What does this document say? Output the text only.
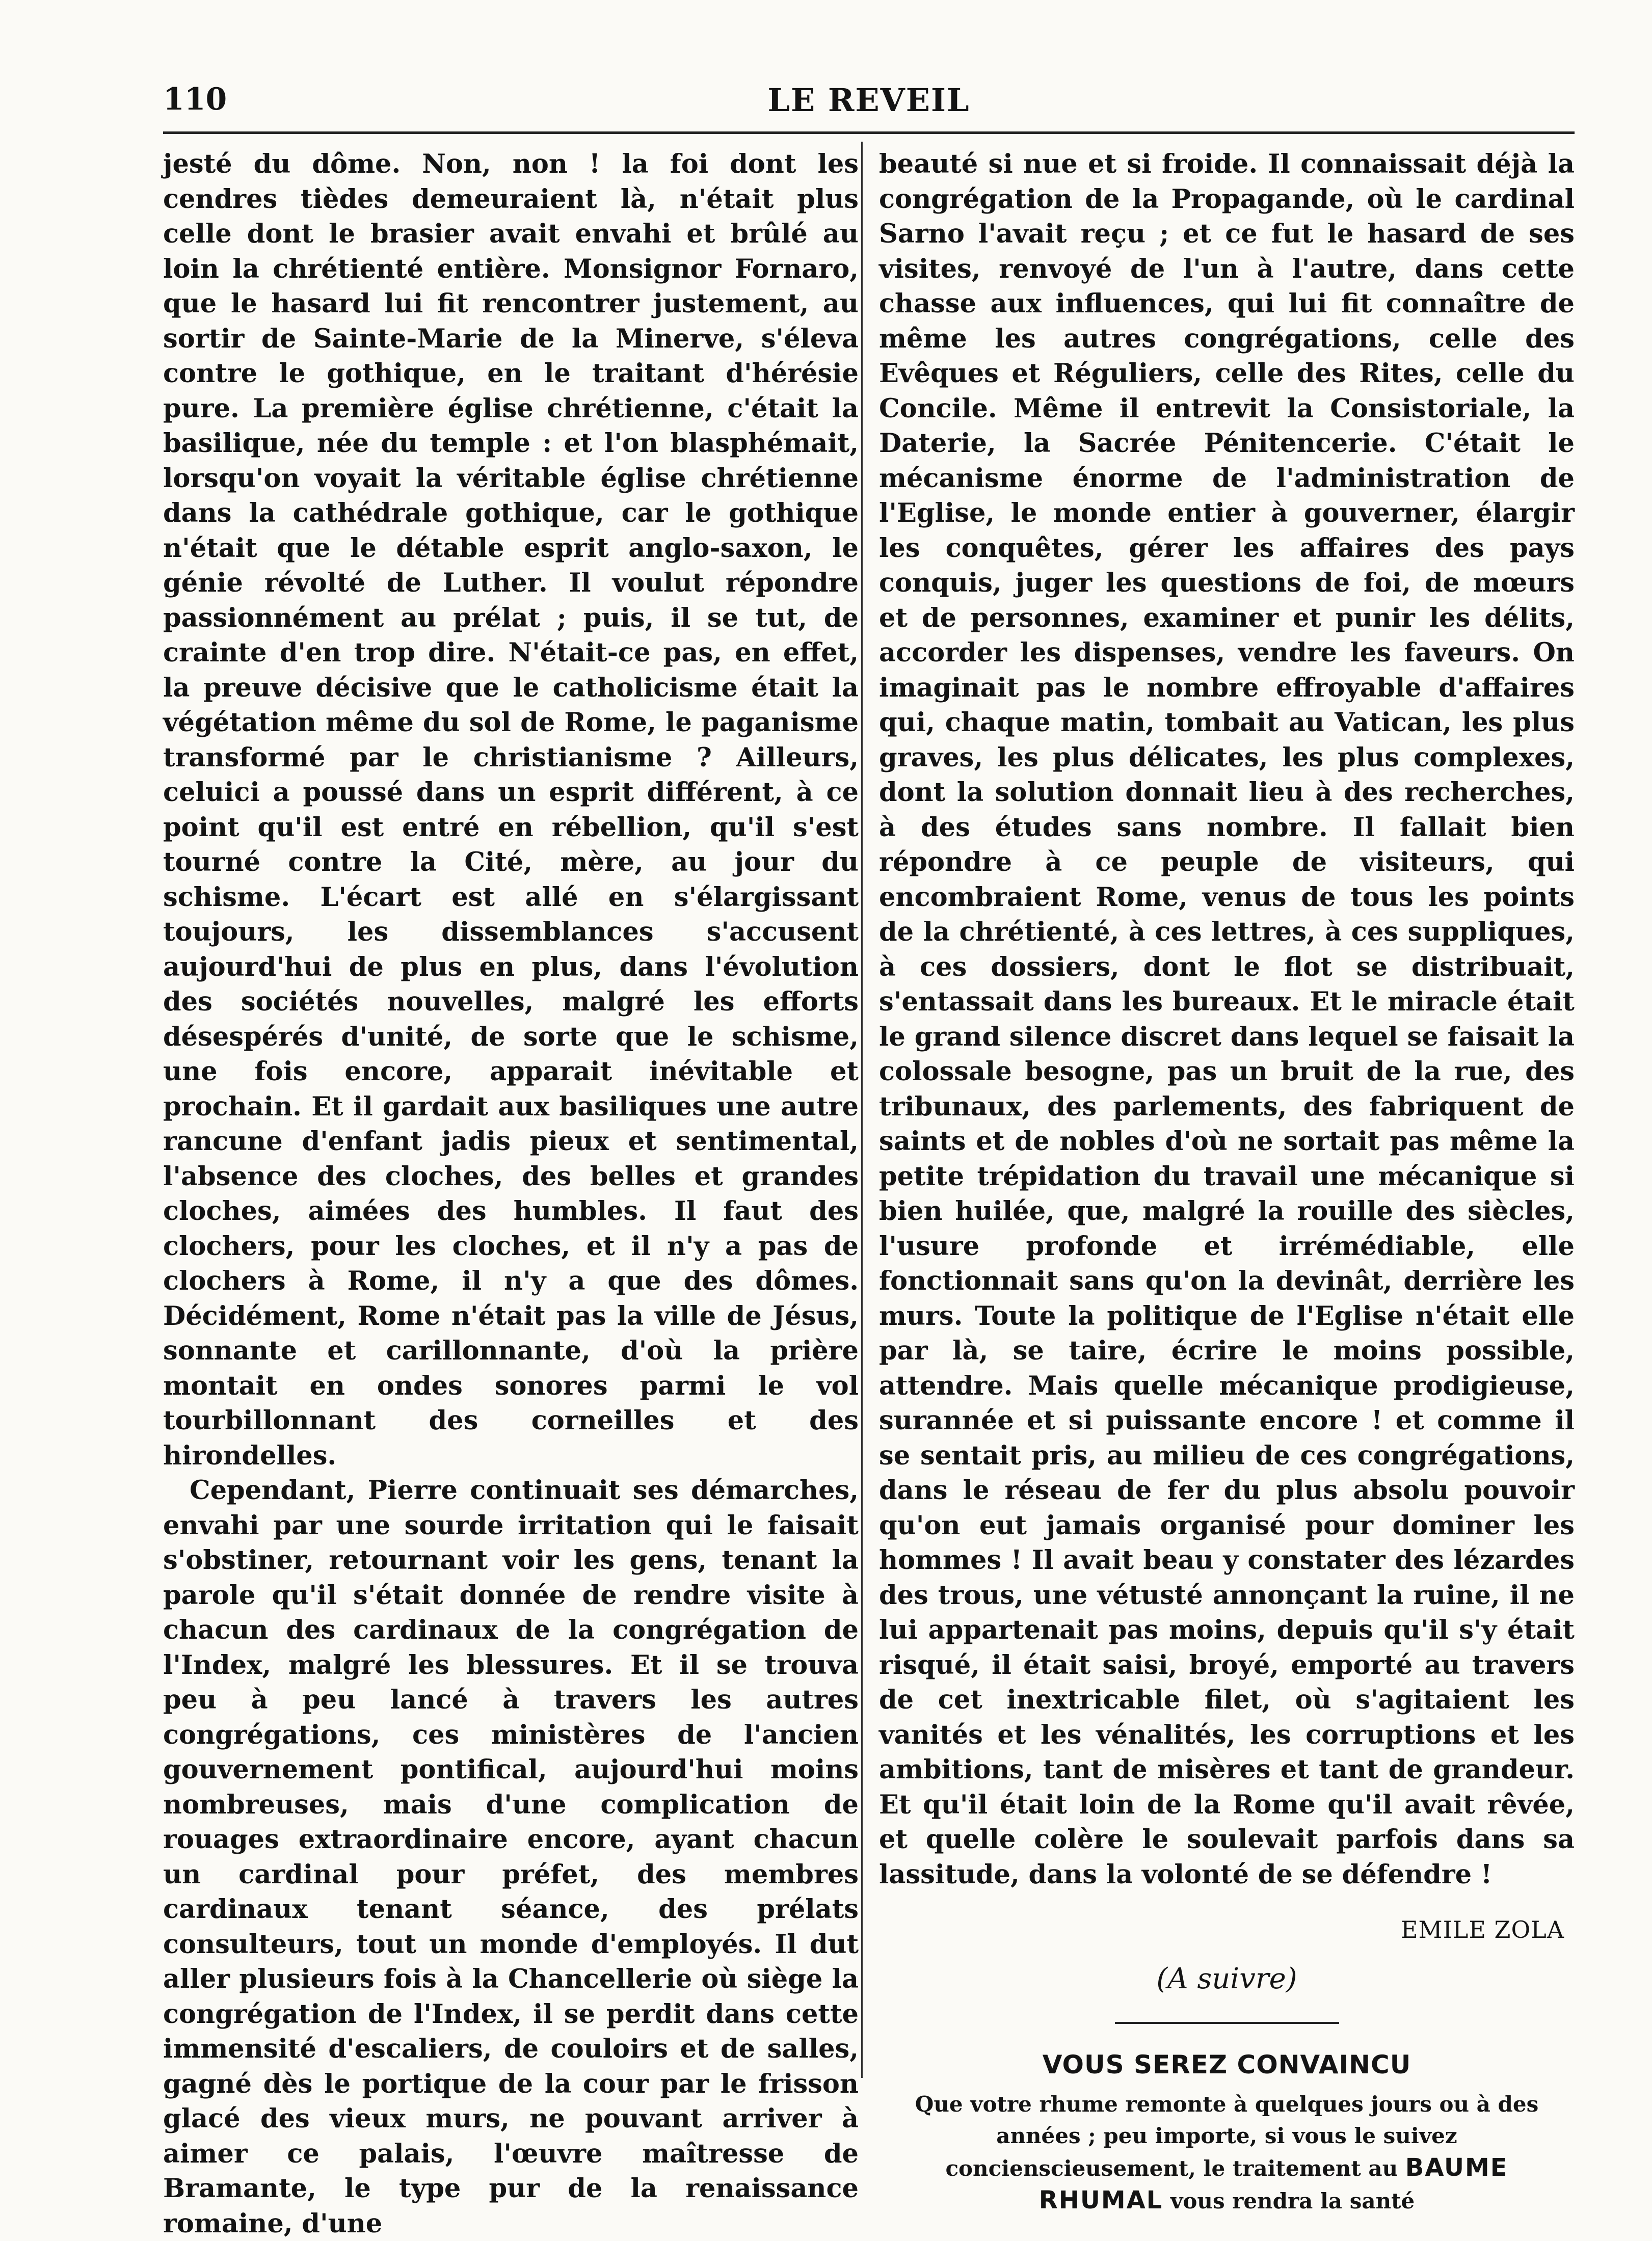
110	LE REVEIL

jesté du dôme. Non, non ! la foi dont les cendres tièdes demeuraient là, n'était plus celle dont le brasier avait envahi et brûlé au loin la chrétienté entière. Monsignor Fornaro, que le hasard lui fit rencontrer justement, au sortir de Sainte-Marie de la Minerve, s'éleva contre le gothique, en le traitant d'hérésie pure. La première église chrétienne, c'était la basilique, née du temple : et l'on blasphémait, lorsqu'on voyait la véritable église chrétienne dans la cathédrale gothique, car le gothique n'était que le détable esprit anglo-saxon, le génie révolté de Luther. Il voulut répondre passionnément au prélat ; puis, il se tut, de crainte d'en trop dire. N'était-ce pas, en effet, la preuve décisive que le catholicisme était la végétation même du sol de Rome, le paganisme transformé par le christianisme ? Ailleurs, celuici a poussé dans un esprit différent, à ce point qu'il est entré en rébellion, qu'il s'est tourné contre la Cité, mère, au jour du schisme. L'écart est allé en s'élargissant toujours, les dissemblances s'accusent aujourd'hui de plus en plus, dans l'évolution des sociétés nouvelles, malgré les efforts désespérés d'unité, de sorte que le schisme, une fois encore, apparait inévitable et prochain. Et il gardait aux basiliques une autre rancune d'enfant jadis pieux et sentimental, l'absence des cloches, des belles et grandes cloches, aimées des humbles. Il faut des clochers, pour les cloches, et il n'y a pas de clochers à Rome, il n'y a que des dômes. Décidément, Rome n'était pas la ville de Jésus, sonnante et carillonnante, d'où la prière montait en ondes sonores parmi le vol tourbillonnant des corneilles et des hirondelles.

Cependant, Pierre continuait ses démarches, envahi par une sourde irritation qui le faisait s'obstiner, retournant voir les gens, tenant la parole qu'il s'était donnée de rendre visite à chacun des cardinaux de la congrégation de l'Index, malgré les blessures. Et il se trouva peu à peu lancé à travers les autres congrégations, ces ministères de l'ancien gouvernement pontifical, aujourd'hui moins nombreuses, mais d'une complication de rouages extraordinaire encore, ayant chacun un cardinal pour préfet, des membres cardinaux tenant séance, des prélats consulteurs, tout un monde d'employés. Il dut aller plusieurs fois à la Chancellerie où siège la congrégation de l'Index, il se perdit dans cette immensité d'escaliers, de couloirs et de salles, gagné dès le portique de la cour par le frisson glacé des vieux murs, ne pouvant arriver à aimer ce palais, l'œuvre maîtresse de Bramante, le type pur de la renaissance romaine, d'une

beauté si nue et si froide. Il connaissait déjà la congrégation de la Propagande, où le cardinal Sarno l'avait reçu ; et ce fut le hasard de ses visites, renvoyé de l'un à l'autre, dans cette chasse aux influences, qui lui fit connaître de même les autres congrégations, celle des Evêques et Réguliers, celle des Rites, celle du Concile. Même il entrevit la Consistoriale, la Daterie, la Sacrée Pénitencerie. C'était le mécanisme énorme de l'administration de l'Eglise, le monde entier à gouverner, élargir les conquêtes, gérer les affaires des pays conquis, juger les questions de foi, de mœurs et de personnes, examiner et punir les délits, accorder les dispenses, vendre les faveurs. On imaginait pas le nombre effroyable d'affaires qui, chaque matin, tombait au Vatican, les plus graves, les plus délicates, les plus complexes, dont la solution donnait lieu à des recherches, à des études sans nombre. Il fallait bien répondre à ce peuple de visiteurs, qui encombraient Rome, venus de tous les points de la chrétienté, à ces lettres, à ces suppliques, à ces dossiers, dont le flot se distribuait, s'entassait dans les bureaux. Et le miracle était le grand silence discret dans lequel se faisait la colossale besogne, pas un bruit de la rue, des tribunaux, des parlements, des fabriquent de saints et de nobles d'où ne sortait pas même la petite trépidation du travail une mécanique si bien huilée, que, malgré la rouille des siècles, l'usure profonde et irrémédiable, elle fonctionnait sans qu'on la devinât, derrière les murs. Toute la politique de l'Eglise n'était elle par là, se taire, écrire le moins possible, attendre. Mais quelle mécanique prodigieuse, surannée et si puissante encore ! et comme il se sentait pris, au milieu de ces congrégations, dans le réseau de fer du plus absolu pouvoir qu'on eut jamais organisé pour dominer les hommes ! Il avait beau y constater des lézardes des trous, une vétusté annonçant la ruine, il ne lui appartenait pas moins, depuis qu'il s'y était risqué, il était saisi, broyé, emporté au travers de cet inextricable filet, où s'agitaient les vanités et les vénalités, les corruptions et les ambitions, tant de misères et tant de grandeur. Et qu'il était loin de la Rome qu'il avait rêvée, et quelle colère le soulevait parfois dans sa lassitude, dans la volonté de se défendre !

EMILE ZOLA
(A suivre)
VOUS SEREZ CONVAINCU
Que votre rhume remonte à quelques jours ou à des années ; peu importe, si vous le suivez concienscieusement, le traitement au BAUME RHUMAL vous rendra la santé
